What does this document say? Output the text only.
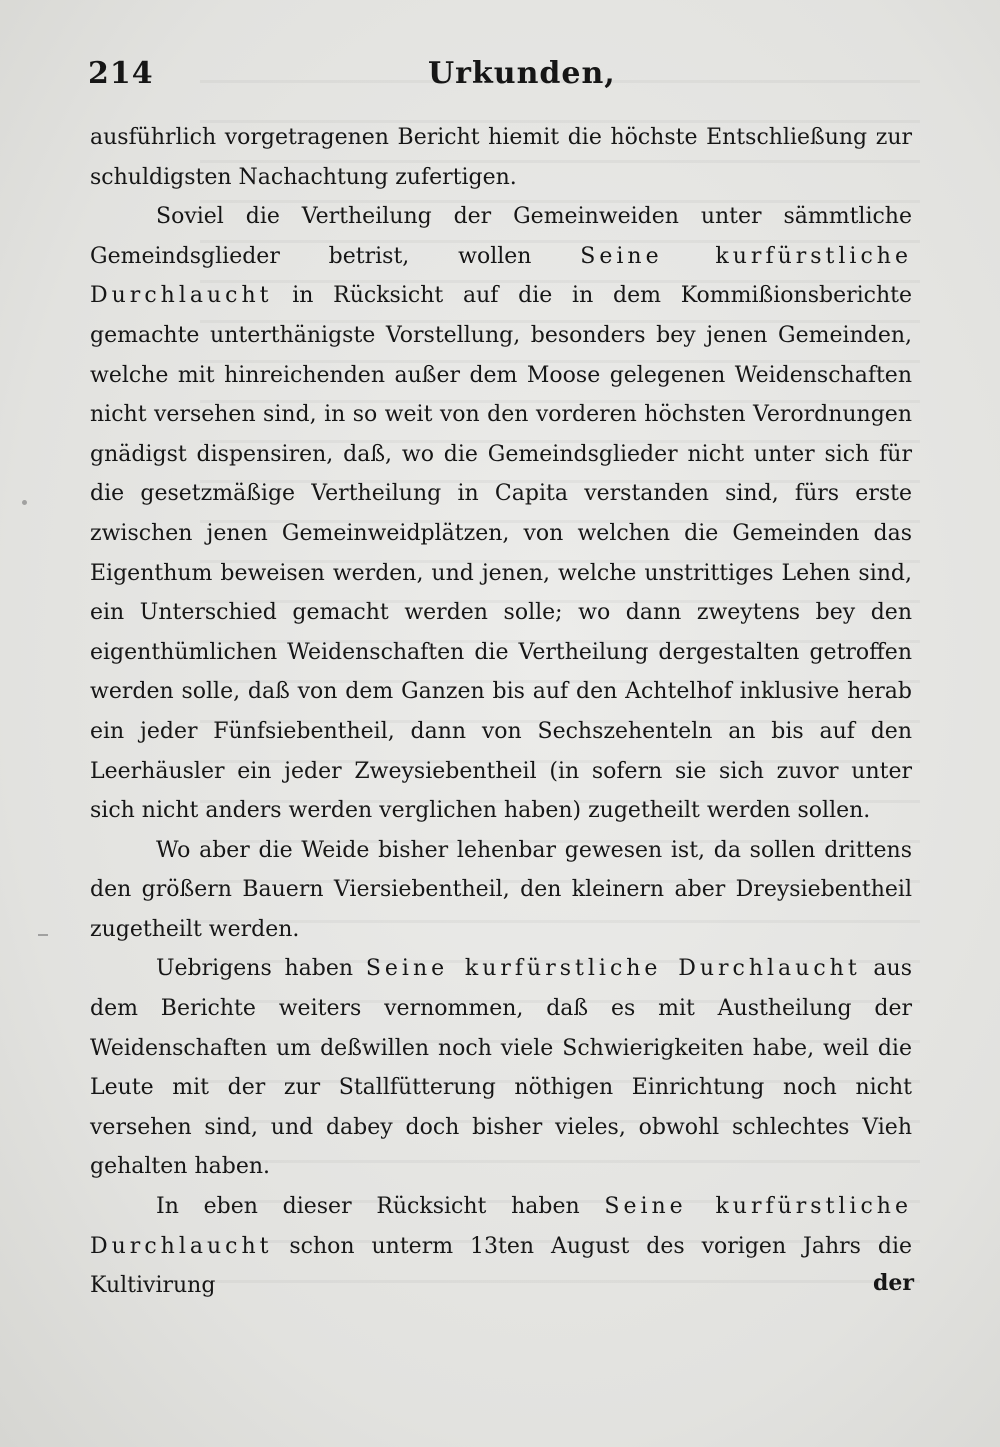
214	Urkunden,

ausführlich vorgetragenen Bericht hiemit die höchste Entschließung zur schuldigsten Nachachtung zufertigen.

Soviel die Vertheilung der Gemeinweiden unter sämmtliche Gemeindsglieder betrist, wollen Seine kurfürstliche Durchlaucht in Rücksicht auf die in dem Kommißionsberichte gemachte unterthänigste Vorstellung, besonders bey jenen Gemeinden, welche mit hinreichenden außer dem Moose gelegenen Weidenschaften nicht versehen sind, in so weit von den vorderen höchsten Verordnungen gnädigst dispensiren, daß, wo die Gemeindsglieder nicht unter sich für die gesetzmäßige Vertheilung in Capita verstanden sind, fürs erste zwischen jenen Gemeinweidplätzen, von welchen die Gemeinden das Eigenthum beweisen werden, und jenen, welche unstrittiges Lehen sind, ein Unterschied gemacht werden solle; wo dann zweytens bey den eigenthümlichen Weidenschaften die Vertheilung dergestalten getroffen werden solle, daß von dem Ganzen bis auf den Achtelhof inklusive herab ein jeder Fünfsiebentheil, dann von Sechszehenteln an bis auf den Leerhäusler ein jeder Zweysiebentheil (in sofern sie sich zuvor unter sich nicht anders werden verglichen haben) zugetheilt werden sollen.

Wo aber die Weide bisher lehenbar gewesen ist, da sollen drittens den größern Bauern Viersiebentheil, den kleinern aber Dreysiebentheil zugetheilt werden.

Uebrigens haben Seine kurfürstliche Durchlaucht aus dem Berichte weiters vernommen, daß es mit Austheilung der Weidenschaften um deßwillen noch viele Schwierigkeiten habe, weil die Leute mit der zur Stallfütterung nöthigen Einrichtung noch nicht versehen sind, und dabey doch bisher vieles, obwohl schlechtes Vieh gehalten haben.

In eben dieser Rücksicht haben Seine kurfürstliche Durchlaucht schon unterm 13ten August des vorigen Jahrs die Kultivirung	der
